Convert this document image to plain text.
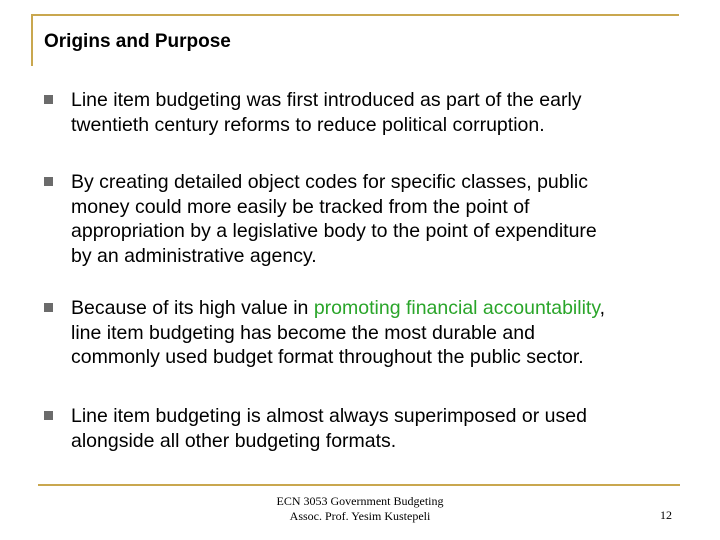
Origins and Purpose
Line item budgeting was first introduced as part of the early
twentieth century reforms to reduce political corruption.
By creating detailed object codes for specific classes, public
money could more easily be tracked from the point of
appropriation by a legislative body to the point of expenditure
by an administrative agency.
Because of its high value in promoting financial accountability,
line item budgeting has become the most durable and
commonly used budget format throughout the public sector.
Line item budgeting is almost always superimposed or used
alongside all other budgeting formats.
ECN 3053 Government Budgeting
Assoc. Prof. Yesim Kustepeli	12
